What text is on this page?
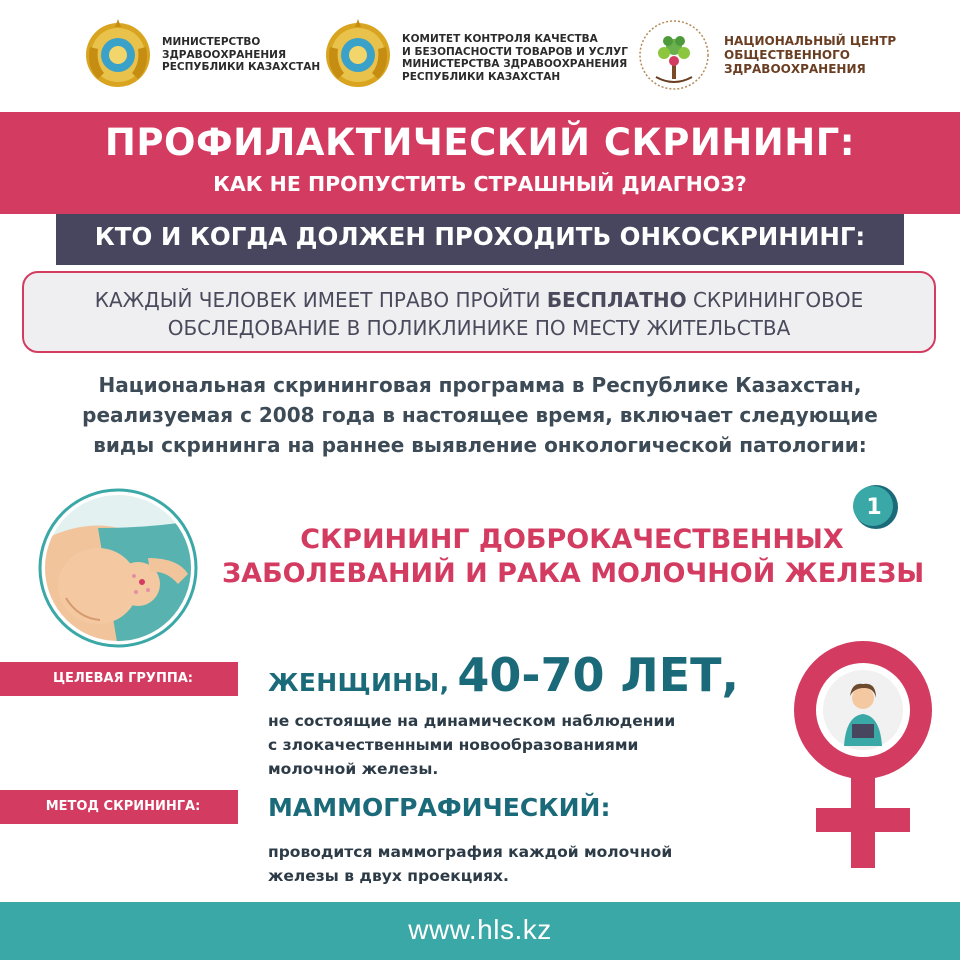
МИНИСТЕРСТВО
ЗДРАВООХРАНЕНИЯ
РЕСПУБЛИКИ КАЗАХСТАН
КОМИТЕТ КОНТРОЛЯ КАЧЕСТВА
И БЕЗОПАСНОСТИ ТОВАРОВ И УСЛУГ
МИНИСТЕРСТВА ЗДРАВООХРАНЕНИЯ
РЕСПУБЛИКИ КАЗАХСТАН
НАЦИОНАЛЬНЫЙ ЦЕНТР
ОБЩЕСТВЕННОГО
ЗДРАВООХРАНЕНИЯ
ПРОФИЛАКТИЧЕСКИЙ СКРИНИНГ:
КАК НЕ ПРОПУСТИТЬ СТРАШНЫЙ ДИАГНОЗ?
КТО И КОГДА ДОЛЖЕН ПРОХОДИТЬ ОНКОСКРИНИНГ:
КАЖДЫЙ ЧЕЛОВЕК ИМЕЕТ ПРАВО ПРОЙТИ БЕСПЛАТНО СКРИНИНГОВОЕ
ОБСЛЕДОВАНИЕ В ПОЛИКЛИНИКЕ ПО МЕСТУ ЖИТЕЛЬСТВА
Национальная скрининговая программа в Республике Казахстан,
реализуемая с 2008 года в настоящее время, включает следующие
виды скрининга на раннее выявление онкологической патологии:
1
СКРИНИНГ ДОБРОКАЧЕСТВЕННЫХ
ЗАБОЛЕВАНИЙ И РАКА МОЛОЧНОЙ ЖЕЛЕЗЫ
ЦЕЛЕВАЯ ГРУППА:	ЖЕНЩИНЫ, 40-70 ЛЕТ,
не состоящие на динамическом наблюдении
с злокачественными новообразованиями
молочной железы.
МЕТОД СКРИНИНГА:	МАММОГРАФИЧЕСКИЙ:
проводится маммография каждой молочной
железы в двух проекциях.
www.hls.kz
